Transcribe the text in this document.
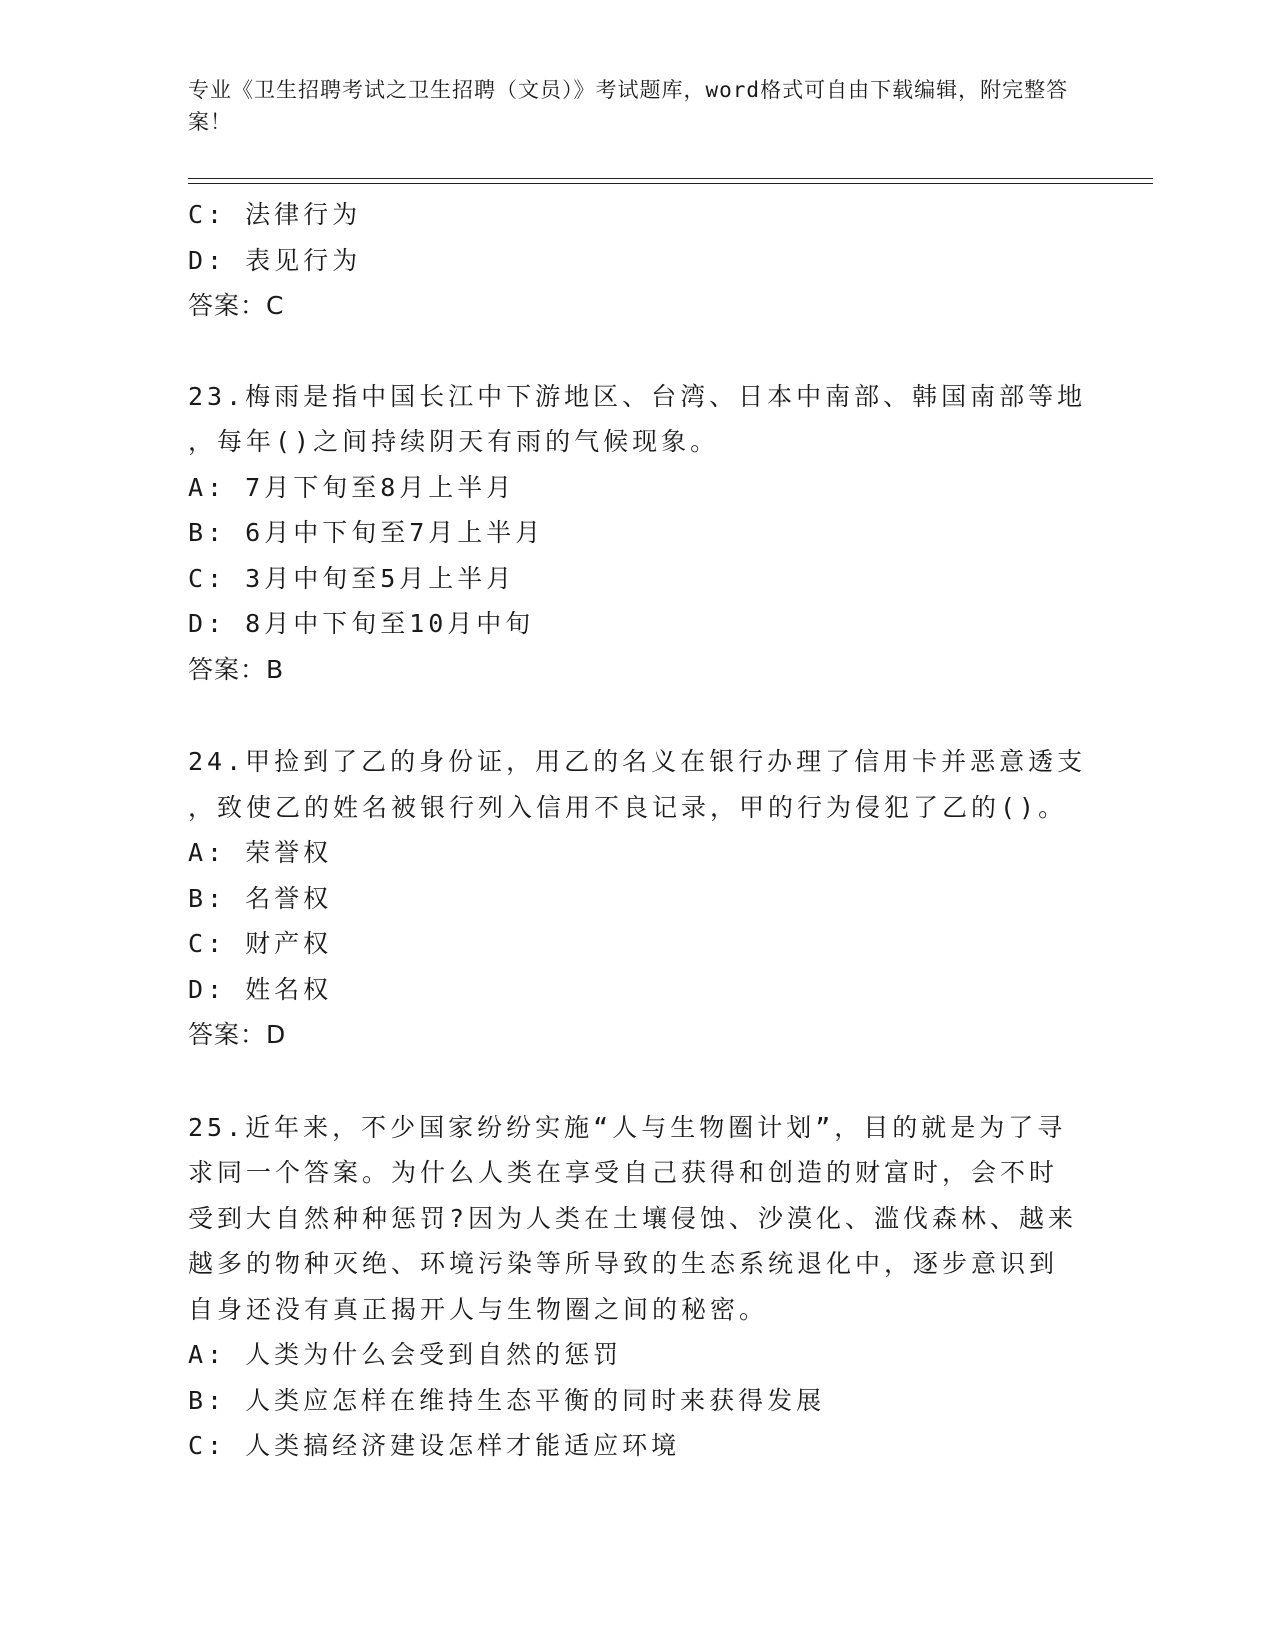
专业《卫生招聘考试之卫生招聘（文员）》考试题库，word格式可自由下载编辑，附完整答案！
C: 法律行为
D: 表见行为
答案：C
23.梅雨是指中国长江中下游地区、台湾、日本中南部、韩国南部等地
，每年()之间持续阴天有雨的气候现象。
A: 7月下旬至8月上半月
B: 6月中下旬至7月上半月
C: 3月中旬至5月上半月
D: 8月中下旬至10月中旬
答案：B
24.甲捡到了乙的身份证，用乙的名义在银行办理了信用卡并恶意透支
，致使乙的姓名被银行列入信用不良记录，甲的行为侵犯了乙的()。
A: 荣誉权
B: 名誉权
C: 财产权
D: 姓名权
答案：D
25.近年来，不少国家纷纷实施“人与生物圈计划”，目的就是为了寻
求同一个答案。为什么人类在享受自己获得和创造的财富时，会不时
受到大自然种种惩罚?因为人类在土壤侵蚀、沙漠化、滥伐森林、越来
越多的物种灭绝、环境污染等所导致的生态系统退化中，逐步意识到
自身还没有真正揭开人与生物圈之间的秘密。
A: 人类为什么会受到自然的惩罚
B: 人类应怎样在维持生态平衡的同时来获得发展
C: 人类搞经济建设怎样才能适应环境
